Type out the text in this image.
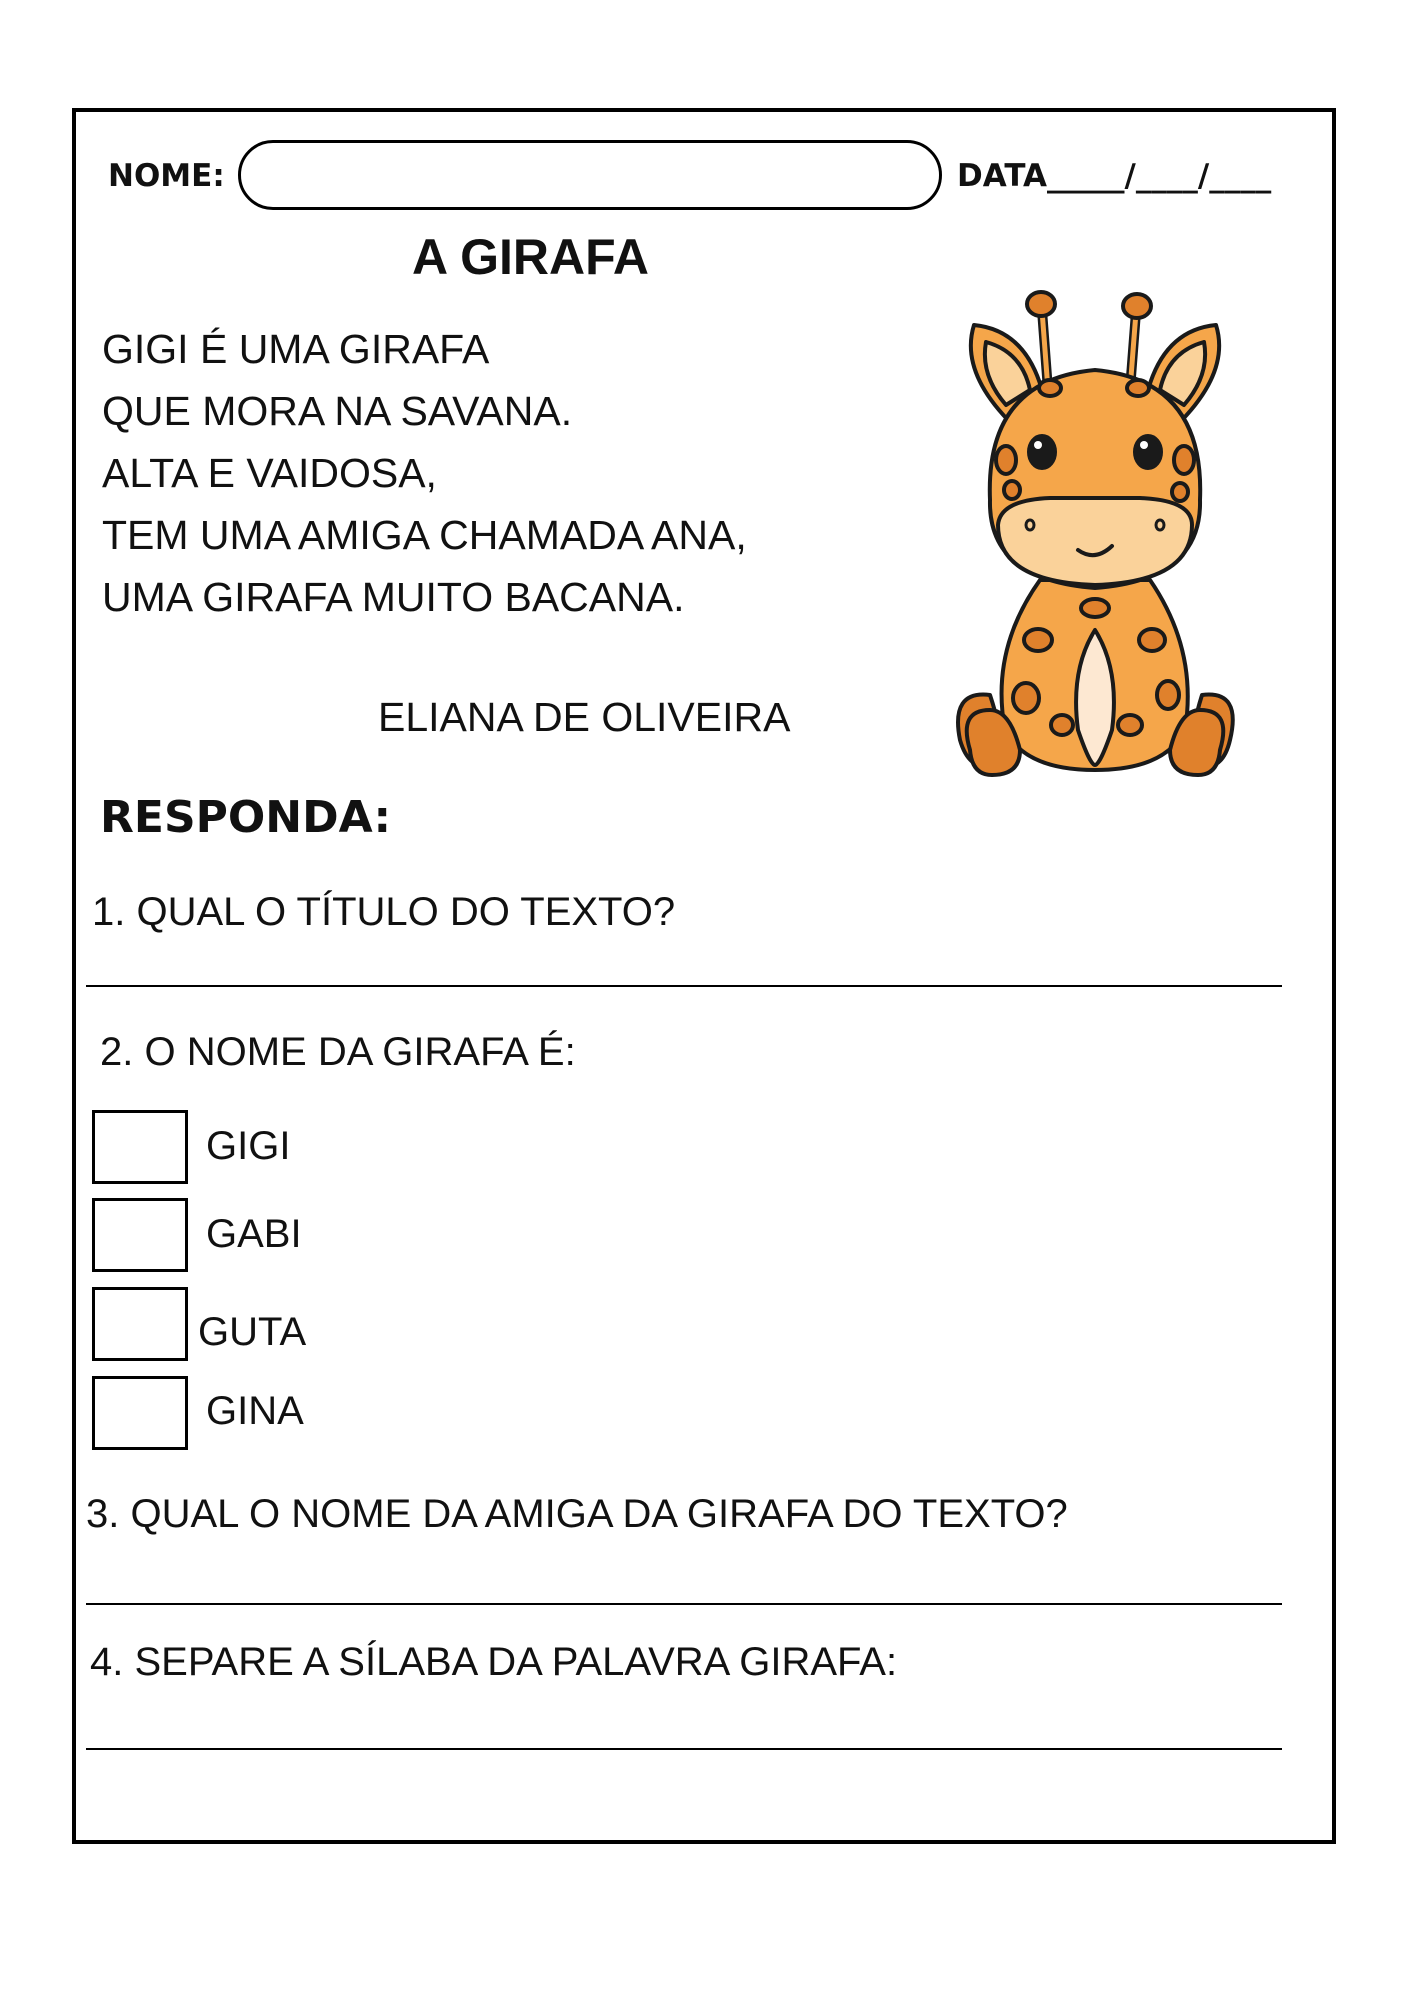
NOME:	DATA_____/____/____
A GIRAFA
GIGI É UMA GIRAFA
QUE MORA NA SAVANA.
ALTA E VAIDOSA,
TEM UMA AMIGA CHAMADA ANA,
UMA GIRAFA MUITO BACANA.
ELIANA DE OLIVEIRA
RESPONDA:
1. QUAL O TÍTULO DO TEXTO?
2. O NOME DA GIRAFA É:
GIGI
GABI
GUTA
GINA
3. QUAL O NOME DA AMIGA DA GIRAFA DO TEXTO?
4. SEPARE A SÍLABA DA PALAVRA GIRAFA:
